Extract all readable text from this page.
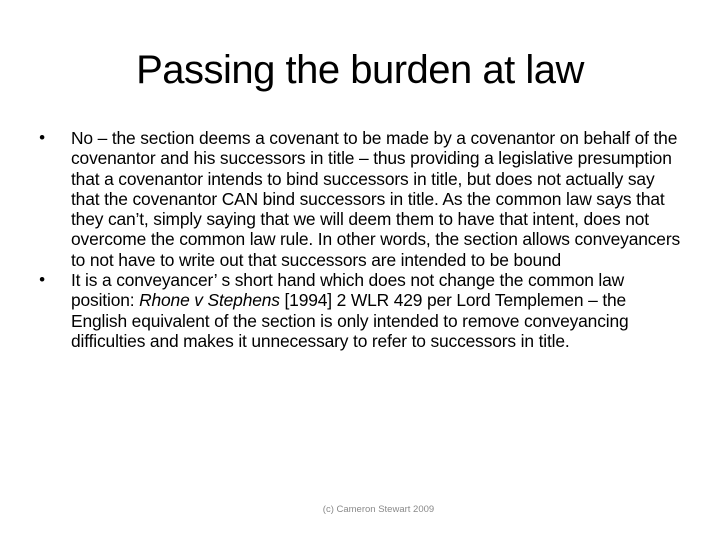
Passing the burden at law
• No – the section deems a covenant to be made by a covenantor on behalf of the covenantor and his successors in title – thus providing a legislative presumption that a covenantor intends to bind successors in title, but does not actually say that the covenantor CAN bind successors in title. As the common law says that they can’t, simply saying that we will deem them to have that intent, does not overcome the common law rule. In other words, the section allows conveyancers to not have to write out that successors are intended to be bound
• It is a conveyancer’ s short hand which does not change the common law position: Rhone v Stephens [1994] 2 WLR 429 per Lord Templemen – the English equivalent of the section is only intended to remove conveyancing difficulties and makes it unnecessary to refer to successors in title.
(c) Cameron Stewart 2009
